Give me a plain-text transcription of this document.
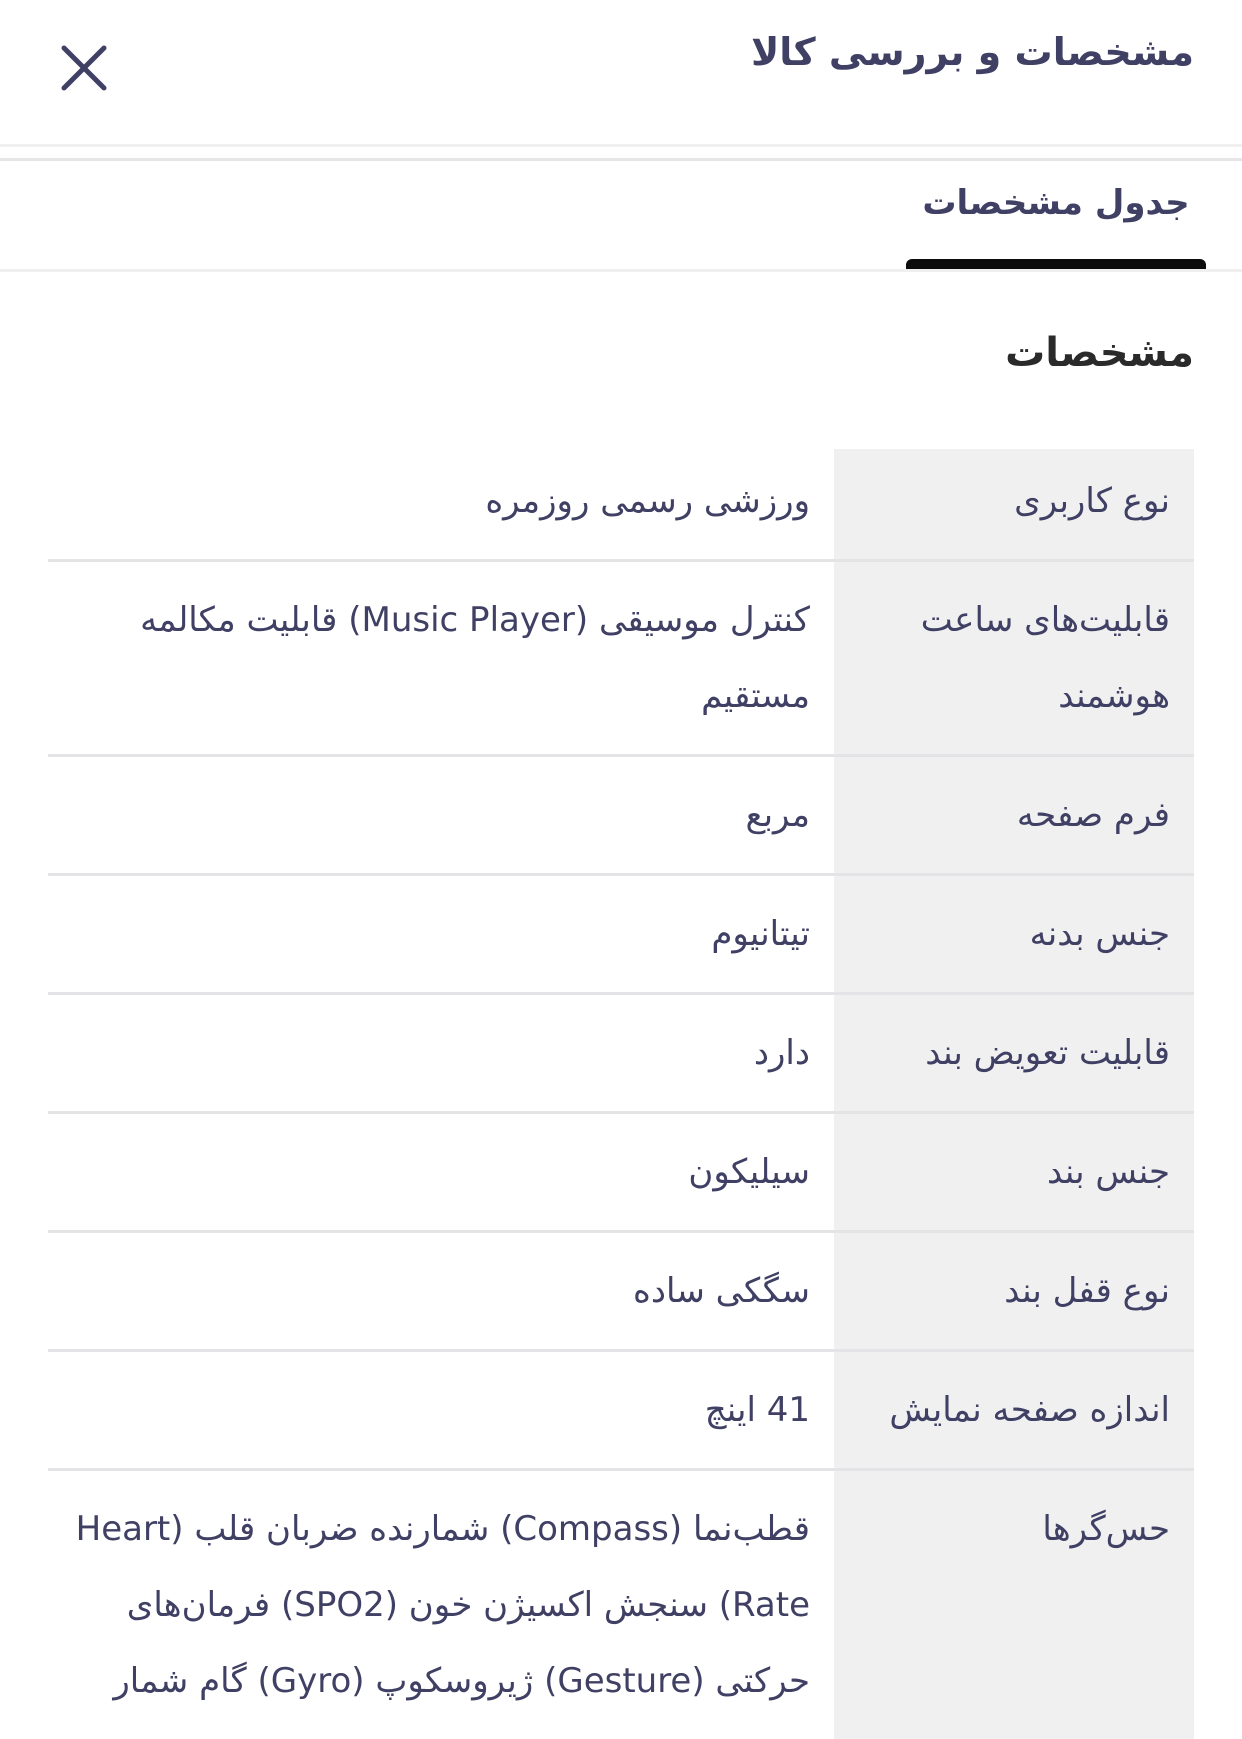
مشخصات و بررسی کالا
جدول مشخصات
مشخصات
نوع کاربری
ورزشی رسمی روزمره
قابلیت‌های ساعت هوشمند
کنترل موسیقی (Music Player) قابلیت مکالمه مستقیم
فرم صفحه
مربع
جنس بدنه
تیتانیوم
قابلیت تعویض بند
دارد
جنس بند
سیلیکون
نوع قفل بند
سگکی ساده
اندازه صفحه نمایش
41 اینچ
حس‌گرها
قطب‌نما (Compass) شمارنده ضربان قلب (Heart Rate) سنجش اکسیژن خون (SPO2) فرمان‌های حرکتی (Gesture) ژیروسکوپ (Gyro) گام شمار
